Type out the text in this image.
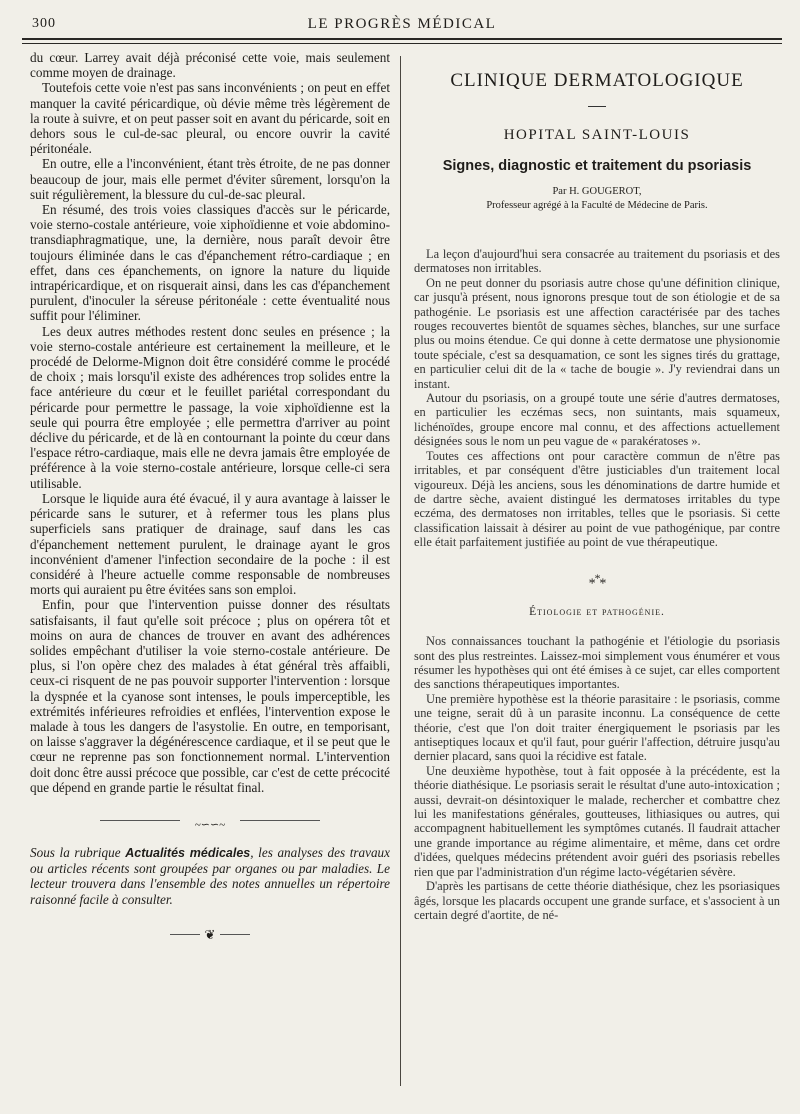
300	LE PROGRÈS MÉDICAL

du cœur. Larrey avait déjà préconisé cette voie, mais seulement comme moyen de drainage.

Toutefois cette voie n'est pas sans inconvénients ; on peut en effet manquer la cavité péricardique, où dévie même très légèrement de la route à suivre, et on peut passer soit en avant du péricarde, soit en dehors sous le cul-de-sac pleural, ou encore ouvrir la cavité péritonéale.

En outre, elle a l'inconvénient, étant très étroite, de ne pas donner beaucoup de jour, mais elle permet d'éviter sûrement, lorsqu'on la suit régulièrement, la blessure du cul-de-sac pleural.

En résumé, des trois voies classiques d'accès sur le péricarde, voie sterno-costale antérieure, voie xiphoïdienne et voie abdomino-transdiaphragmatique, une, la dernière, nous paraît devoir être toujours éliminée dans le cas d'épanchement rétro-cardiaque ; en effet, dans ces épanchements, on ignore la nature du liquide intrapéricardique, et on risquerait ainsi, dans les cas d'épanchement purulent, d'inoculer la séreuse péritonéale : cette éventualité nous suffit pour l'éliminer.

Les deux autres méthodes restent donc seules en présence ; la voie sterno-costale antérieure est certainement la meilleure, et le procédé de Delorme-Mignon doit être considéré comme le procédé de choix ; mais lorsqu'il existe des adhérences trop solides entre la face antérieure du cœur et le feuillet pariétal correspondant du péricarde pour permettre le passage, la voie xiphoïdienne est la seule qui pourra être employée ; elle permettra d'arriver au point déclive du péricarde, et de là en contournant la pointe du cœur dans l'espace rétro-cardiaque, mais elle ne devra jamais être employée de préférence à la voie sterno-costale antérieure, lorsque celle-ci sera utilisable.

Lorsque le liquide aura été évacué, il y aura avantage à laisser le péricarde sans le suturer, et à refermer tous les plans plus superficiels sans pratiquer de drainage, sauf dans les cas d'épanchement nettement purulent, le drainage ayant le gros inconvénient d'amener l'infection secondaire de la poche : il est considéré à l'heure actuelle comme responsable de nombreuses morts qui auraient pu être évitées sans son emploi.

Enfin, pour que l'intervention puisse donner des résultats satisfaisants, il faut qu'elle soit précoce ; plus on opérera tôt et moins on aura de chances de trouver en avant des adhérences solides empêchant d'utiliser la voie sterno-costale antérieure. De plus, si l'on opère chez des malades à état général très affaibli, ceux-ci risquent de ne pas pouvoir supporter l'intervention : lorsque la dyspnée et la cyanose sont intenses, le pouls imperceptible, les extrémités inférieures refroidies et enflées, l'intervention expose le malade à tous les dangers de l'asystolie. En outre, en temporisant, on laisse s'aggraver la dégénérescence cardiaque, et il se peut que le cœur ne reprenne pas son fonctionnement normal. L'intervention doit donc être aussi précoce que possible, car c'est de cette précocité que dépend en grande partie le résultat final.

~∽∽~

Sous la rubrique Actualités médicales, les analyses des travaux ou articles récents sont groupées par organes ou par maladies. Le lecteur trouvera dans l'ensemble des notes annuelles un répertoire raisonné facile à consulter.

❦
CLINIQUE DERMATOLOGIQUE
HOPITAL SAINT-LOUIS
Signes, diagnostic et traitement du psoriasis
Par H. GOUGEROT,
Professeur agrégé à la Faculté de Médecine de Paris.

La leçon d'aujourd'hui sera consacrée au traitement du psoriasis et des dermatoses non irritables.

On ne peut donner du psoriasis autre chose qu'une définition clinique, car jusqu'à présent, nous ignorons presque tout de son étiologie et de sa pathogénie. Le psoriasis est une affection caractérisée par des taches rouges recouvertes bientôt de squames sèches, blanches, sur une surface plus ou moins étendue. Ce qui donne à cette dermatose une physionomie toute spéciale, c'est sa desquamation, ce sont les signes tirés du grattage, en particulier celui dit de la « tache de bougie ». J'y reviendrai dans un instant.

Autour du psoriasis, on a groupé toute une série d'autres dermatoses, en particulier les eczémas secs, non suintants, mais squameux, lichénoïdes, groupe encore mal connu, et des affections actuellement désignées sous le nom un peu vague de « parakératoses ».

Toutes ces affections ont pour caractère commun de n'être pas irritables, et par conséquent d'être justiciables d'un traitement local vigoureux. Déjà les anciens, sous les dénominations de dartre humide et de dartre sèche, avaient distingué les dermatoses irritables du type eczéma, des dermatoses non irritables, telles que le psoriasis. Si cette classification laissait à désirer au point de vue pathogénique, par contre elle était parfaitement justifiée au point de vue thérapeutique.

***
Étiologie et pathogénie.

Nos connaissances touchant la pathogénie et l'étiologie du psoriasis sont des plus restreintes. Laissez-moi simplement vous énumérer et vous résumer les hypothèses qui ont été émises à ce sujet, car elles comportent des sanctions thérapeutiques importantes.

Une première hypothèse est la théorie parasitaire : le psoriasis, comme une teigne, serait dû à un parasite inconnu. La conséquence de cette théorie, c'est que l'on doit traiter énergiquement le psoriasis par les antiseptiques locaux et qu'il faut, pour guérir l'affection, détruire jusqu'au dernier placard, sans quoi la récidive est fatale.

Une deuxième hypothèse, tout à fait opposée à la précédente, est la théorie diathésique. Le psoriasis serait le résultat d'une auto-intoxication ; aussi, devrait-on désintoxiquer le malade, rechercher et combattre chez lui les manifestations générales, goutteuses, lithiasiques ou autres, qui accompagnent habituellement les symptômes cutanés. Il faudrait attacher une grande importance au régime alimentaire, et même, dans cet ordre d'idées, quelques médecins prétendent avoir guéri des psoriasis rebelles rien que par l'administration d'un régime lacto-végétarien sévère.

D'après les partisans de cette théorie diathésique, chez les psoriasiques âgés, lorsque les placards occupent une grande surface, et s'associent à un certain degré d'aortite, de né-
